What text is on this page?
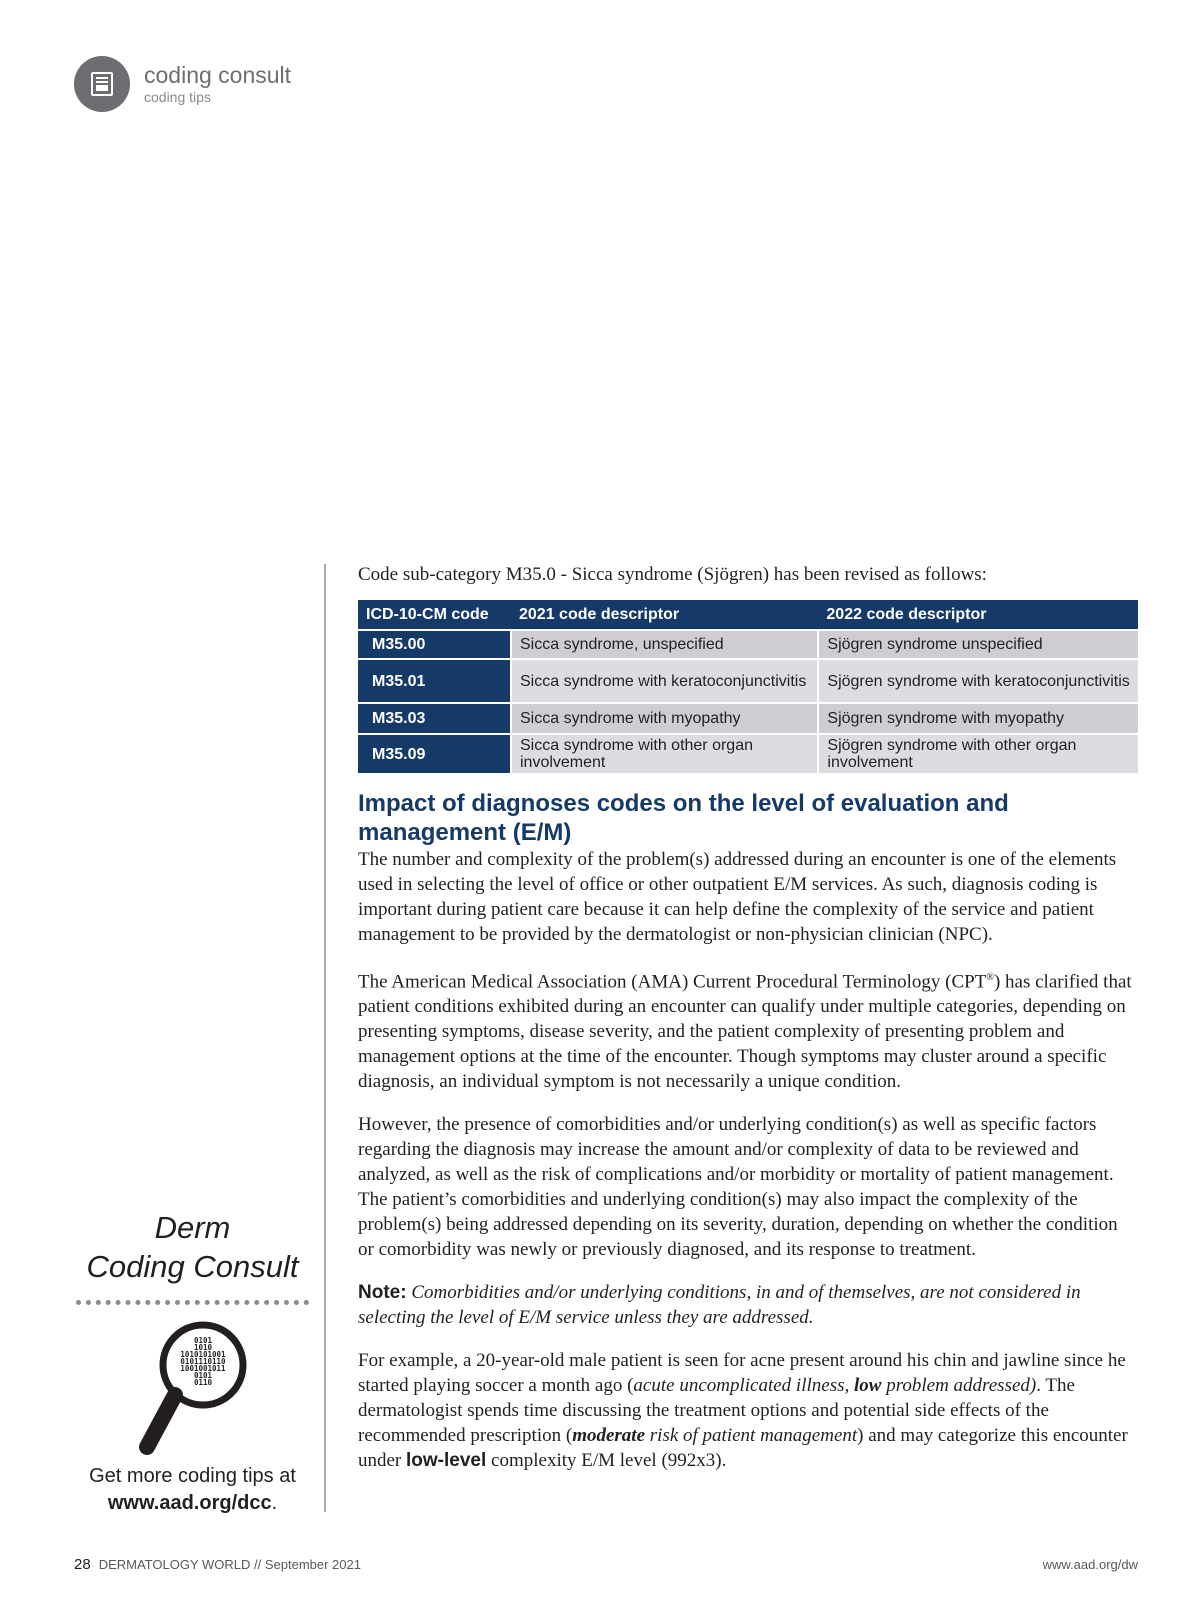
coding consult
coding tips

Code sub-category M35.0 - Sicca syndrome (Sjögren) has been revised as follows:

ICD-10-CM code	2021 code descriptor	2022 code descriptor
M35.00	Sicca syndrome, unspecified	Sjögren syndrome unspecified
M35.01	Sicca syndrome with keratoconjunctivitis	Sjögren syndrome with keratoconjunctivitis
M35.03	Sicca syndrome with myopathy	Sjögren syndrome with myopathy
M35.09	Sicca syndrome with other organ involvement	Sjögren syndrome with other organ involvement
Impact of diagnoses codes on the level of evaluation and management (E/M)

The number and complexity of the problem(s) addressed during an encounter is one of the elements used in selecting the level of office or other outpatient E/M services. As such, diagnosis coding is important during patient care because it can help define the complexity of the service and patient management to be provided by the dermatologist or non-physician clinician (NPC).

The American Medical Association (AMA) Current Procedural Terminology (CPT®) has clarified that patient conditions exhibited during an encounter can qualify under multiple categories, depending on presenting symptoms, disease severity, and the patient complexity of presenting problem and management options at the time of the encounter. Though symptoms may cluster around a specific diagnosis, an individual symptom is not necessarily a unique condition.

However, the presence of comorbidities and/or underlying condition(s) as well as specific factors regarding the diagnosis may increase the amount and/or complexity of data to be reviewed and analyzed, as well as the risk of complications and/or morbidity or mortality of patient management. The patient’s comorbidities and underlying condition(s) may also impact the complexity of the problem(s) being addressed depending on its severity, duration, depending on whether the condition or comorbidity was newly or previously diagnosed, and its response to treatment.

Note: Comorbidities and/or underlying conditions, in and of themselves, are not considered in selecting the level of E/M service unless they are addressed.

For example, a 20-year-old male patient is seen for acne present around his chin and jawline since he started playing soccer a month ago (acute uncomplicated illness, low problem addressed). The dermatologist spends time discussing the treatment options and potential side effects of the recommended prescription (moderate risk of patient management) and may categorize this encounter under low-level complexity E/M level (992x3).

Derm
Coding Consult
0101
1010
1010101001
0101110110
1001001011
0101
0110
Get more coding tips at
www.aad.org/dcc.
28 DERMATOLOGY WORLD // September 2021	www.aad.org/dw
